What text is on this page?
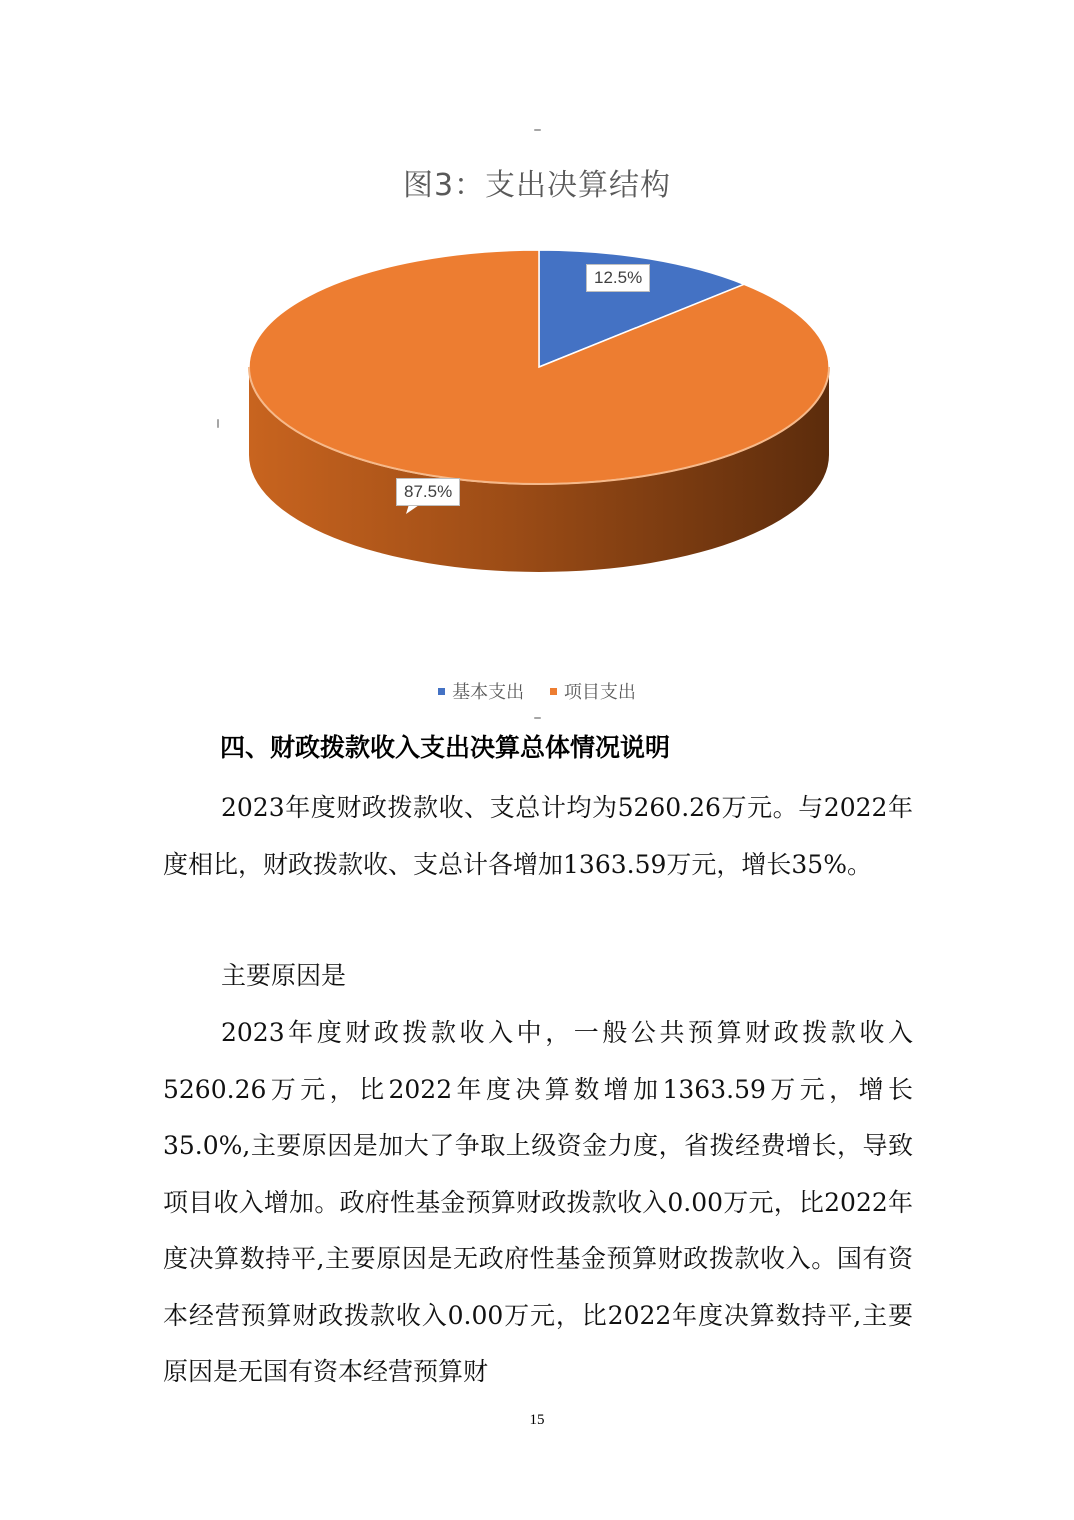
图3：支出决算结构
12.5%
87.5%
基本支出 项目支出
四、财政拨款收入支出决算总体情况说明
2023年度财政拨款收、支总计均为5260.26万元。与2022年度相比，财政拨款收、支总计各增加1363.59万元，增长35%。
主要原因是
2023年度财政拨款收入中，一般公共预算财政拨款收入5260.26万元，比2022年度决算数增加1363.59万元，增长35.0%,主要原因是加大了争取上级资金力度，省拨经费增长，导致项目收入增加。政府性基金预算财政拨款收入0.00万元，比2022年度决算数持平,主要原因是无政府性基金预算财政拨款收入。国有资本经营预算财政拨款收入0.00万元，比2022年度决算数持平,主要原因是无国有资本经营预算财
15
